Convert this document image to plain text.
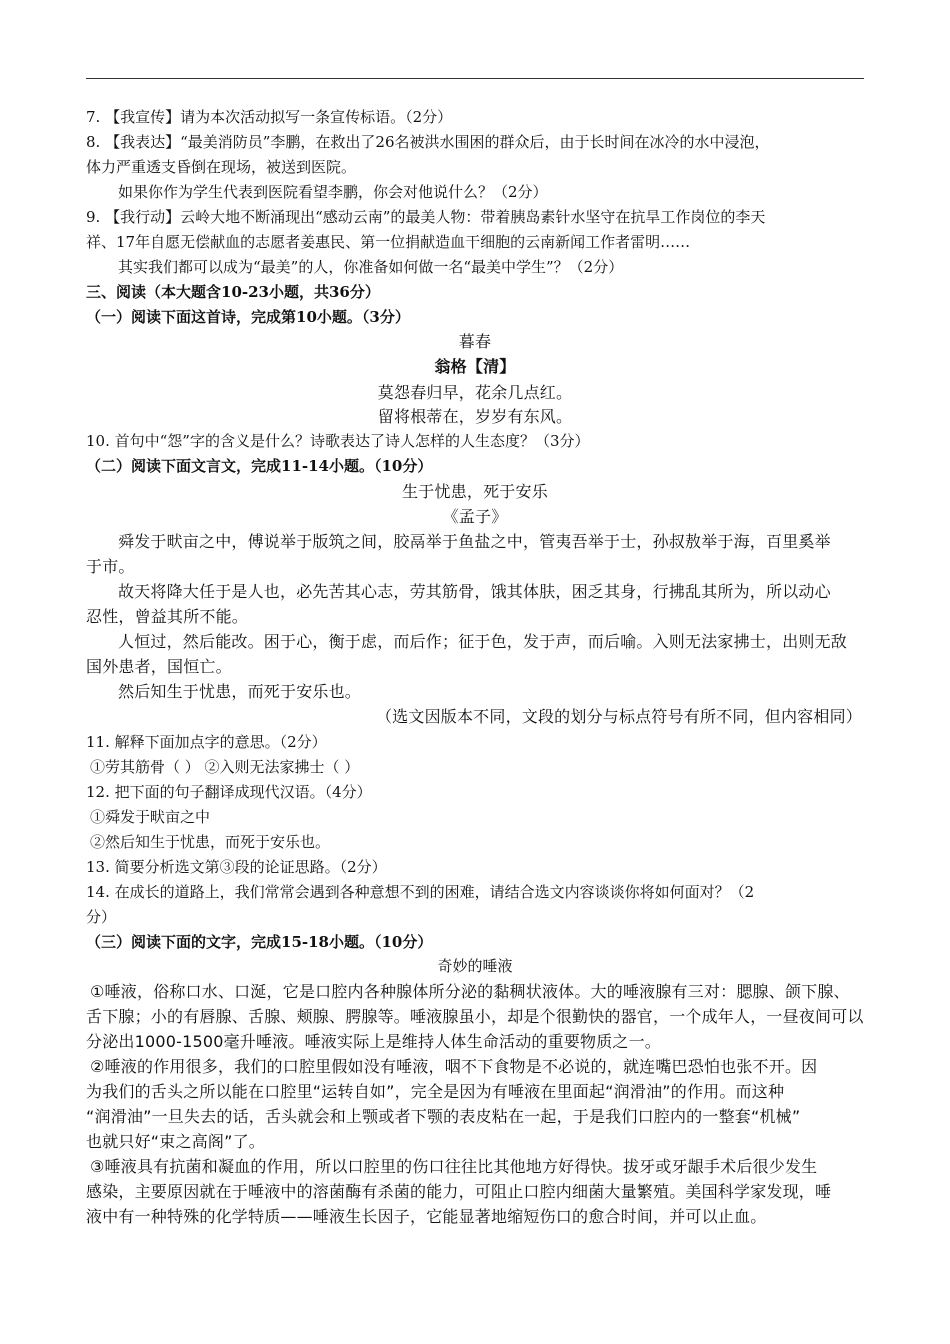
7. 【我宣传】请为本次活动拟写一条宣传标语。（2分）
8. 【我表达】“最美消防员”李鹏，在救出了26名被洪水围困的群众后，由于长时间在冰冷的水中浸泡，
体力严重透支昏倒在现场，被送到医院。
如果你作为学生代表到医院看望李鹏，你会对他说什么？（2分）
9. 【我行动】云岭大地不断涌现出“感动云南”的最美人物：带着胰岛素针水坚守在抗旱工作岗位的李天
祥、17年自愿无偿献血的志愿者姜惠民、第一位捐献造血干细胞的云南新闻工作者雷明……
其实我们都可以成为“最美”的人，你准备如何做一名“最美中学生”？（2分）
三、阅读（本大题含10-23小题，共36分）
（一）阅读下面这首诗，完成第10小题。（3分）
暮春
翁格【清】
莫怨春归早，花余几点红。
留将根蒂在，岁岁有东风。
10. 首句中“怨”字的含义是什么？诗歌表达了诗人怎样的人生态度？（3分）
（二）阅读下面文言文，完成11-14小题。（10分）
生于忧患，死于安乐
《孟子》
舜发于畎亩之中，傅说举于版筑之间，胶鬲举于鱼盐之中，管夷吾举于士，孙叔敖举于海，百里奚举
于市。
故天将降大任于是人也，必先苦其心志，劳其筋骨，饿其体肤，困乏其身，行拂乱其所为，所以动心
忍性，曾益其所不能。
人恒过，然后能改。困于心，衡于虑，而后作；征于色，发于声，而后喻。入则无法家拂士，出则无敌
国外患者，国恒亡。
然后知生于忧患，而死于安乐也。
（选文因版本不同，文段的划分与标点符号有所不同，但内容相同）
11. 解释下面加点字的意思。（2分）
①劳其筋骨（ ） ②入则无法家拂士（ ）
12. 把下面的句子翻译成现代汉语。（4分）
①舜发于畎亩之中
②然后知生于忧患，而死于安乐也。
13. 简要分析选文第③段的论证思路。（2分）
14. 在成长的道路上，我们常常会遇到各种意想不到的困难，请结合选文内容谈谈你将如何面对？（2
分）
（三）阅读下面的文字，完成15-18小题。（10分）
奇妙的唾液
①唾液，俗称口水、口涎，它是口腔内各种腺体所分泌的黏稠状液体。大的唾液腺有三对：腮腺、颌下腺、
舌下腺；小的有唇腺、舌腺、颊腺、腭腺等。唾液腺虽小，却是个很勤快的器官，一个成年人，一昼夜间可以
分泌出1000-1500毫升唾液。唾液实际上是维持人体生命活动的重要物质之一。
②唾液的作用很多，我们的口腔里假如没有唾液，咽不下食物是不必说的，就连嘴巴恐怕也张不开。因
为我们的舌头之所以能在口腔里“运转自如”，完全是因为有唾液在里面起“润滑油”的作用。而这种
“润滑油”一旦失去的话，舌头就会和上颚或者下颚的表皮粘在一起，于是我们口腔内的一整套“机械”
也就只好“束之高阁”了。
③唾液具有抗菌和凝血的作用，所以口腔里的伤口往往比其他地方好得快。拔牙或牙龈手术后很少发生
感染，主要原因就在于唾液中的溶菌酶有杀菌的能力，可阻止口腔内细菌大量繁殖。美国科学家发现，唾
液中有一种特殊的化学特质——唾液生长因子，它能显著地缩短伤口的愈合时间，并可以止血。
